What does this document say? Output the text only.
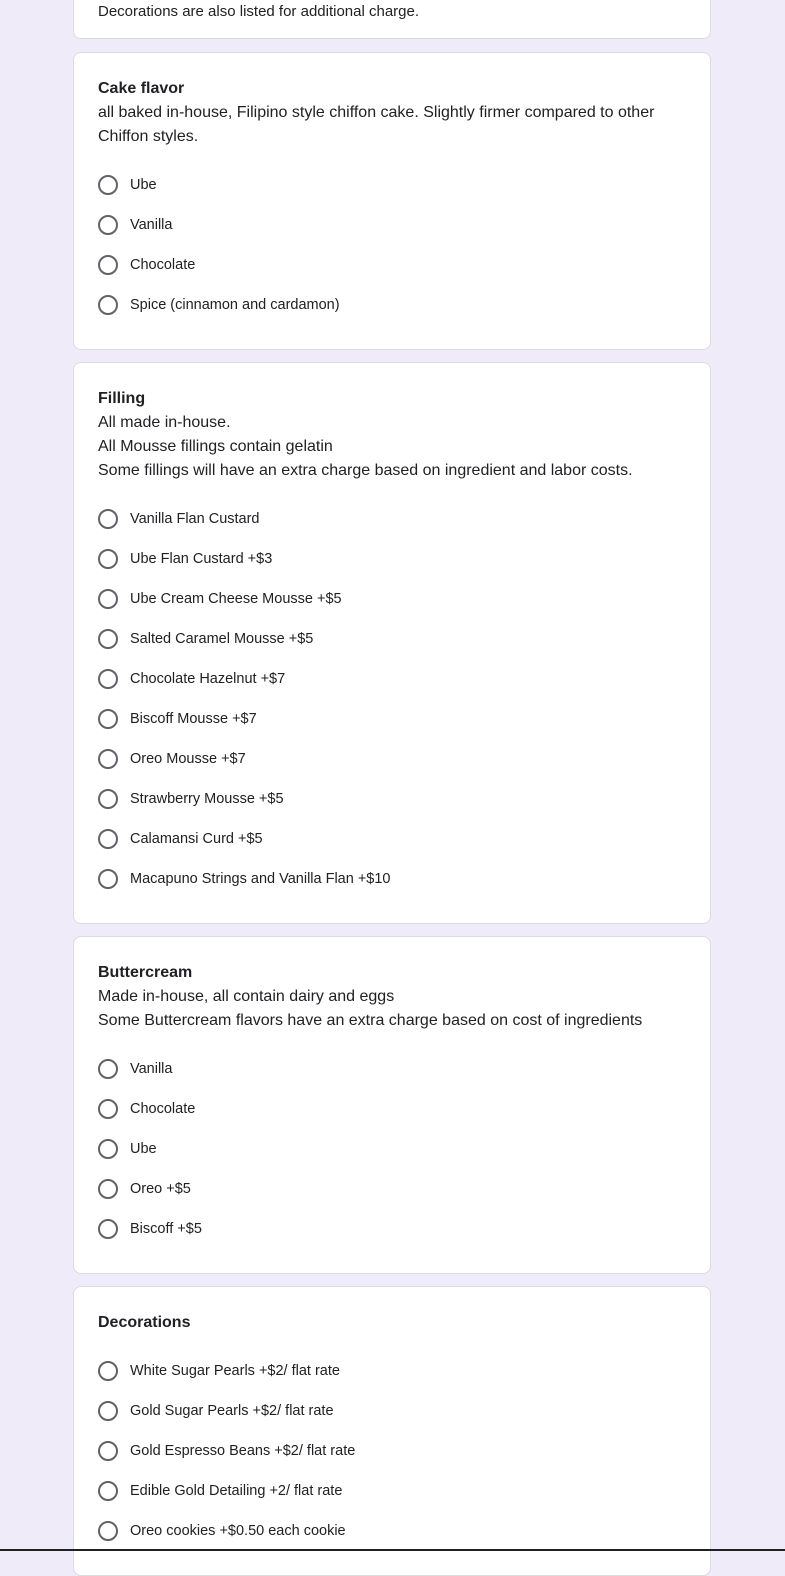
Decorations are also listed for additional charge.
Cake flavor
all baked in-house, Filipino style chiffon cake. Slightly firmer compared to other Chiffon styles.
Ube
Vanilla
Chocolate
Spice (cinnamon and cardamon)
Filling
All made in-house.
All Mousse fillings contain gelatin
Some fillings will have an extra charge based on ingredient and labor costs.
Vanilla Flan Custard
Ube Flan Custard +$3
Ube Cream Cheese Mousse +$5
Salted Caramel Mousse +$5
Chocolate Hazelnut +$7
Biscoff Mousse +$7
Oreo Mousse +$7
Strawberry Mousse +$5
Calamansi Curd +$5
Macapuno Strings and Vanilla Flan +$10
Buttercream
Made in-house, all contain dairy and eggs
Some Buttercream flavors have an extra charge based on cost of ingredients
Vanilla
Chocolate
Ube
Oreo +$5
Biscoff +$5
Decorations
White Sugar Pearls +$2/ flat rate
Gold Sugar Pearls +$2/ flat rate
Gold Espresso Beans +$2/ flat rate
Edible Gold Detailing +2/ flat rate
Oreo cookies +$0.50 each cookie
